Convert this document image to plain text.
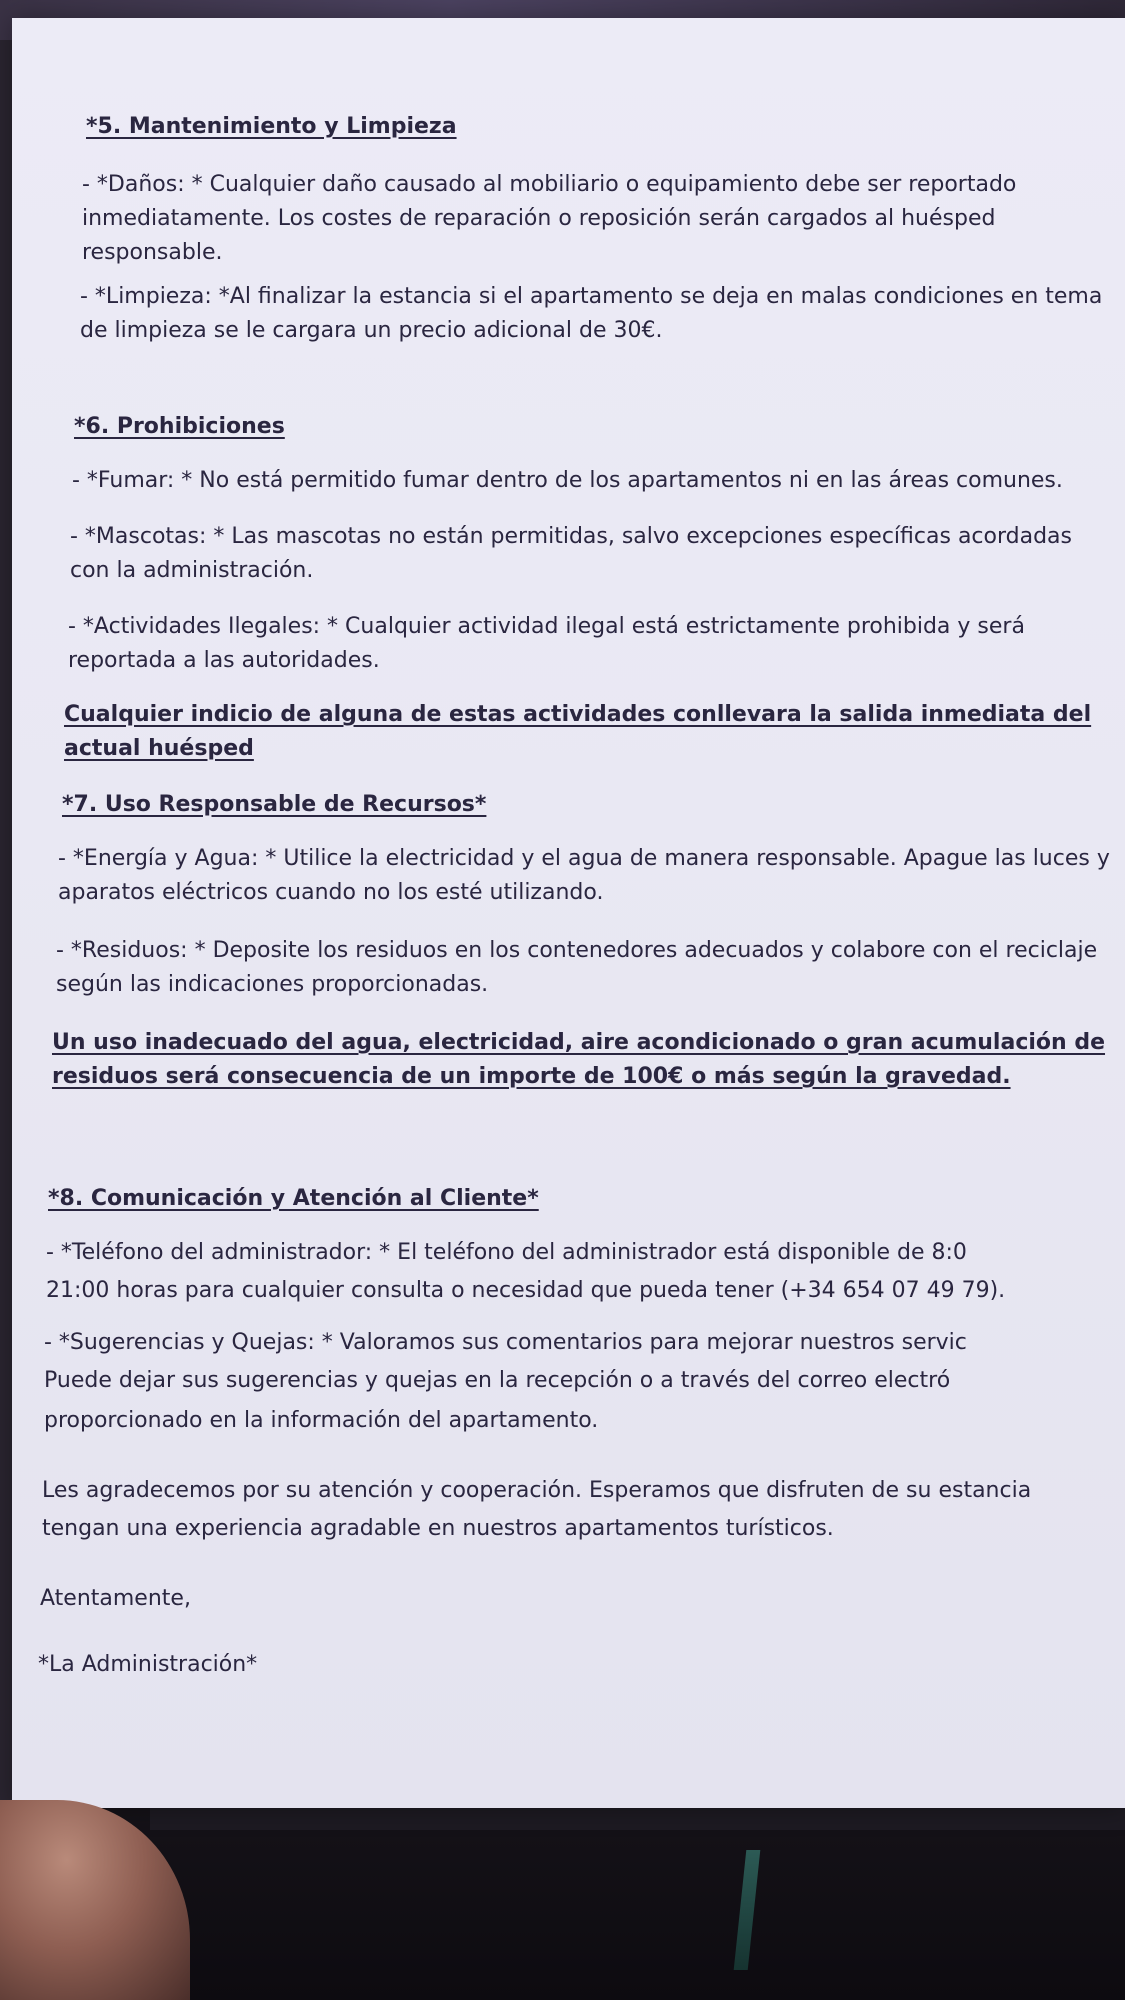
*5. Mantenimiento y Limpieza

- *Daños: * Cualquier daño causado al mobiliario o equipamiento debe ser reportado inmediatamente. Los costes de reparación o reposición serán cargados al huésped responsable.

- *Limpieza: *Al finalizar la estancia si el apartamento se deja en malas condiciones en tema de limpieza se le cargara un precio adicional de 30€.

*6. Prohibiciones

- *Fumar: * No está permitido fumar dentro de los apartamentos ni en las áreas comunes.

- *Mascotas: * Las mascotas no están permitidas, salvo excepciones específicas acordadas con la administración.

- *Actividades Ilegales: * Cualquier actividad ilegal está estrictamente prohibida y será reportada a las autoridades.

Cualquier indicio de alguna de estas actividades conllevara la salida inmediata del actual huésped

*7. Uso Responsable de Recursos*

- *Energía y Agua: * Utilice la electricidad y el agua de manera responsable. Apague las luces y aparatos eléctricos cuando no los esté utilizando.

- *Residuos: * Deposite los residuos en los contenedores adecuados y colabore con el reciclaje según las indicaciones proporcionadas.

Un uso inadecuado del agua, electricidad, aire acondicionado o gran acumulación de residuos será consecuencia de un importe de 100€ o más según la gravedad.

*8. Comunicación y Atención al Cliente*
- *Teléfono del administrador: * El teléfono del administrador está disponible de 8:0
21:00 horas para cualquier consulta o necesidad que pueda tener (+34 654 07 49 79).
- *Sugerencias y Quejas: * Valoramos sus comentarios para mejorar nuestros servic
Puede dejar sus sugerencias y quejas en la recepción o a través del correo electró
proporcionado en la información del apartamento.
Les agradecemos por su atención y cooperación. Esperamos que disfruten de su estancia
tengan una experiencia agradable en nuestros apartamentos turísticos.
Atentamente,
*La Administración*
